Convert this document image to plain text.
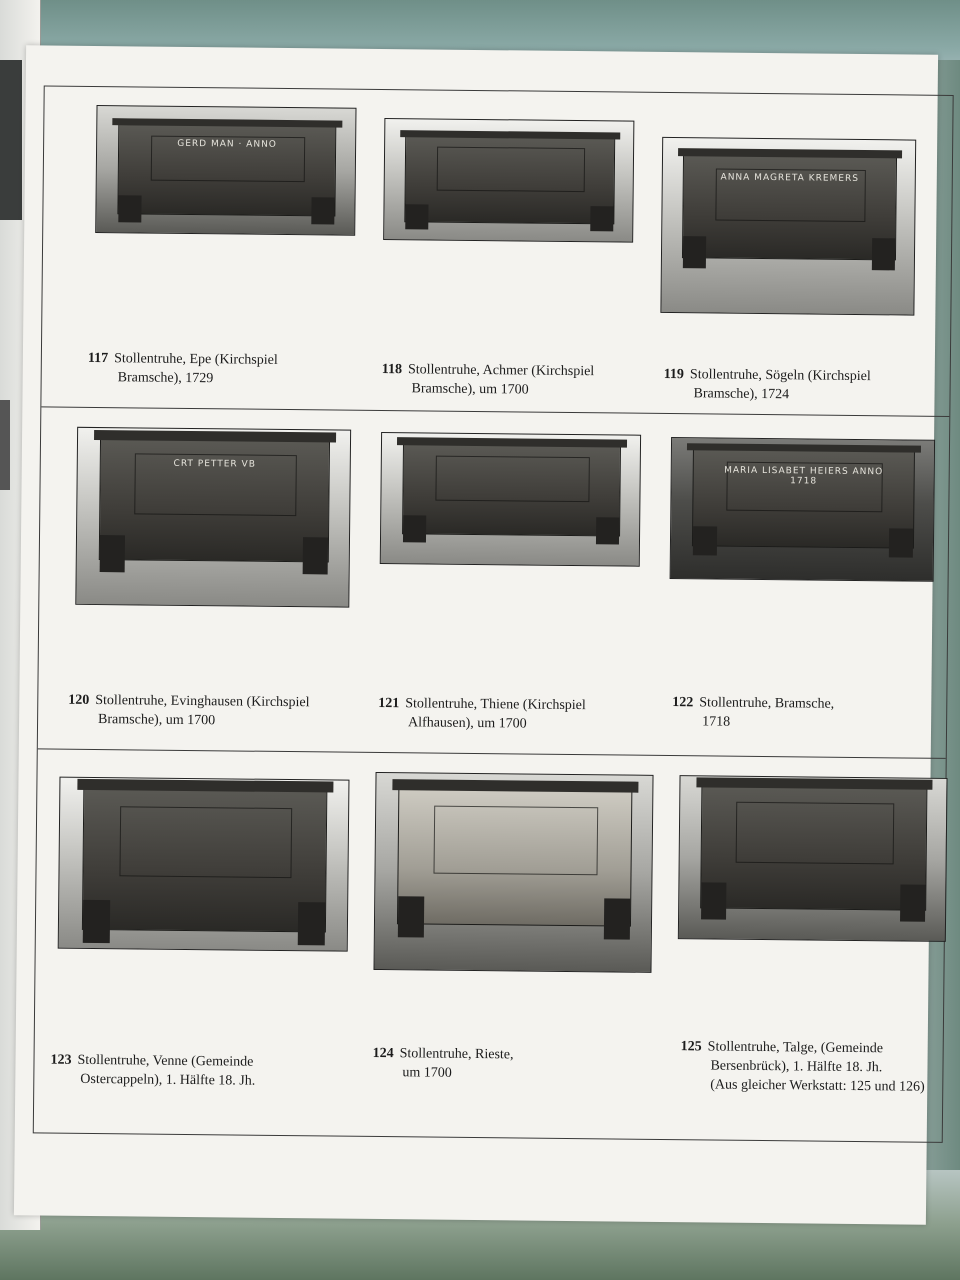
GERD MAN · ANNO
ANNA MAGRETA KREMERS
117 Stollentruhe, Epe (Kirchspiel
Bramsche), 1729
118 Stollentruhe, Achmer (Kirchspiel
Bramsche), um 1700
119 Stollentruhe, Sögeln (Kirchspiel
Bramsche), 1724
CRT PETTER VB
MARIA LISABET HEIERS ANNO 1718
120 Stollentruhe, Evinghausen (Kirchspiel
Bramsche), um 1700
121 Stollentruhe, Thiene (Kirchspiel
Alfhausen), um 1700
122 Stollentruhe, Bramsche,
1718
123 Stollentruhe, Venne (Gemeinde
Ostercappeln), 1. Hälfte 18. Jh.
124 Stollentruhe, Rieste,
um 1700
125 Stollentruhe, Talge, (Gemeinde
Bersenbrück), 1. Hälfte 18. Jh.
(Aus gleicher Werkstatt: 125 und 126)
